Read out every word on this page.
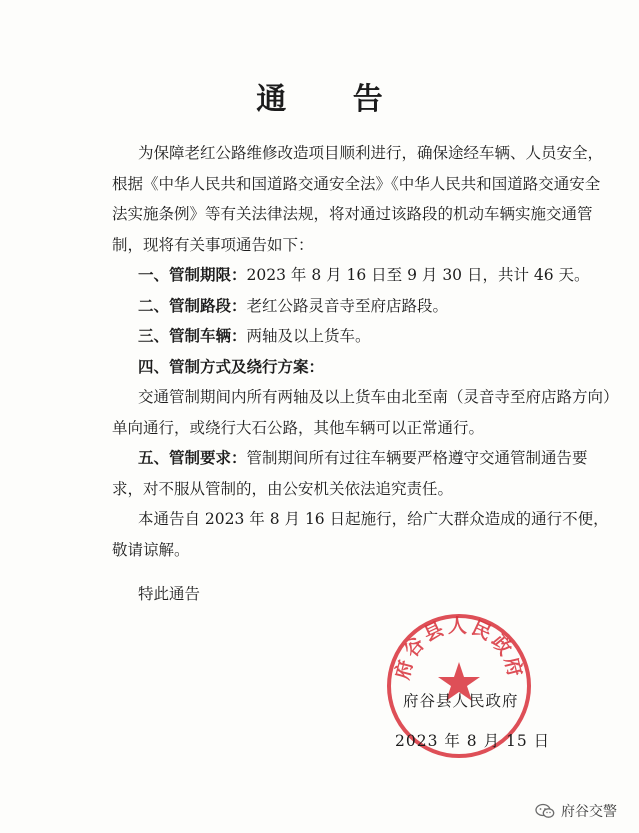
通 告

为保障老红公路维修改造项目顺利进行，确保途经车辆、人员安全，根据《中华人民共和国道路交通安全法》《中华人民共和国道路交通安全法实施条例》等有关法律法规，将对通过该路段的机动车辆实施交通管制，现将有关事项通告如下：

一、管制期限：2023 年 8 月 16 日至 9 月 30 日，共计 46 天。

二、管制路段：老红公路灵音寺至府店路段。

三、管制车辆：两轴及以上货车。

四、管制方式及绕行方案：

交通管制期间内所有两轴及以上货车由北至南（灵音寺至府店路方向）单向通行，或绕行大石公路，其他车辆可以正常通行。

五、管制要求：管制期间所有过往车辆要严格遵守交通管制通告要求，对不服从管制的，由公安机关依法追究责任。

本通告自 2023 年 8 月 16 日起施行，给广大群众造成的通行不便，敬请谅解。

特此通告

府谷县人民政府
府谷县人民政府
2023 年 8 月 15 日
府谷交警
